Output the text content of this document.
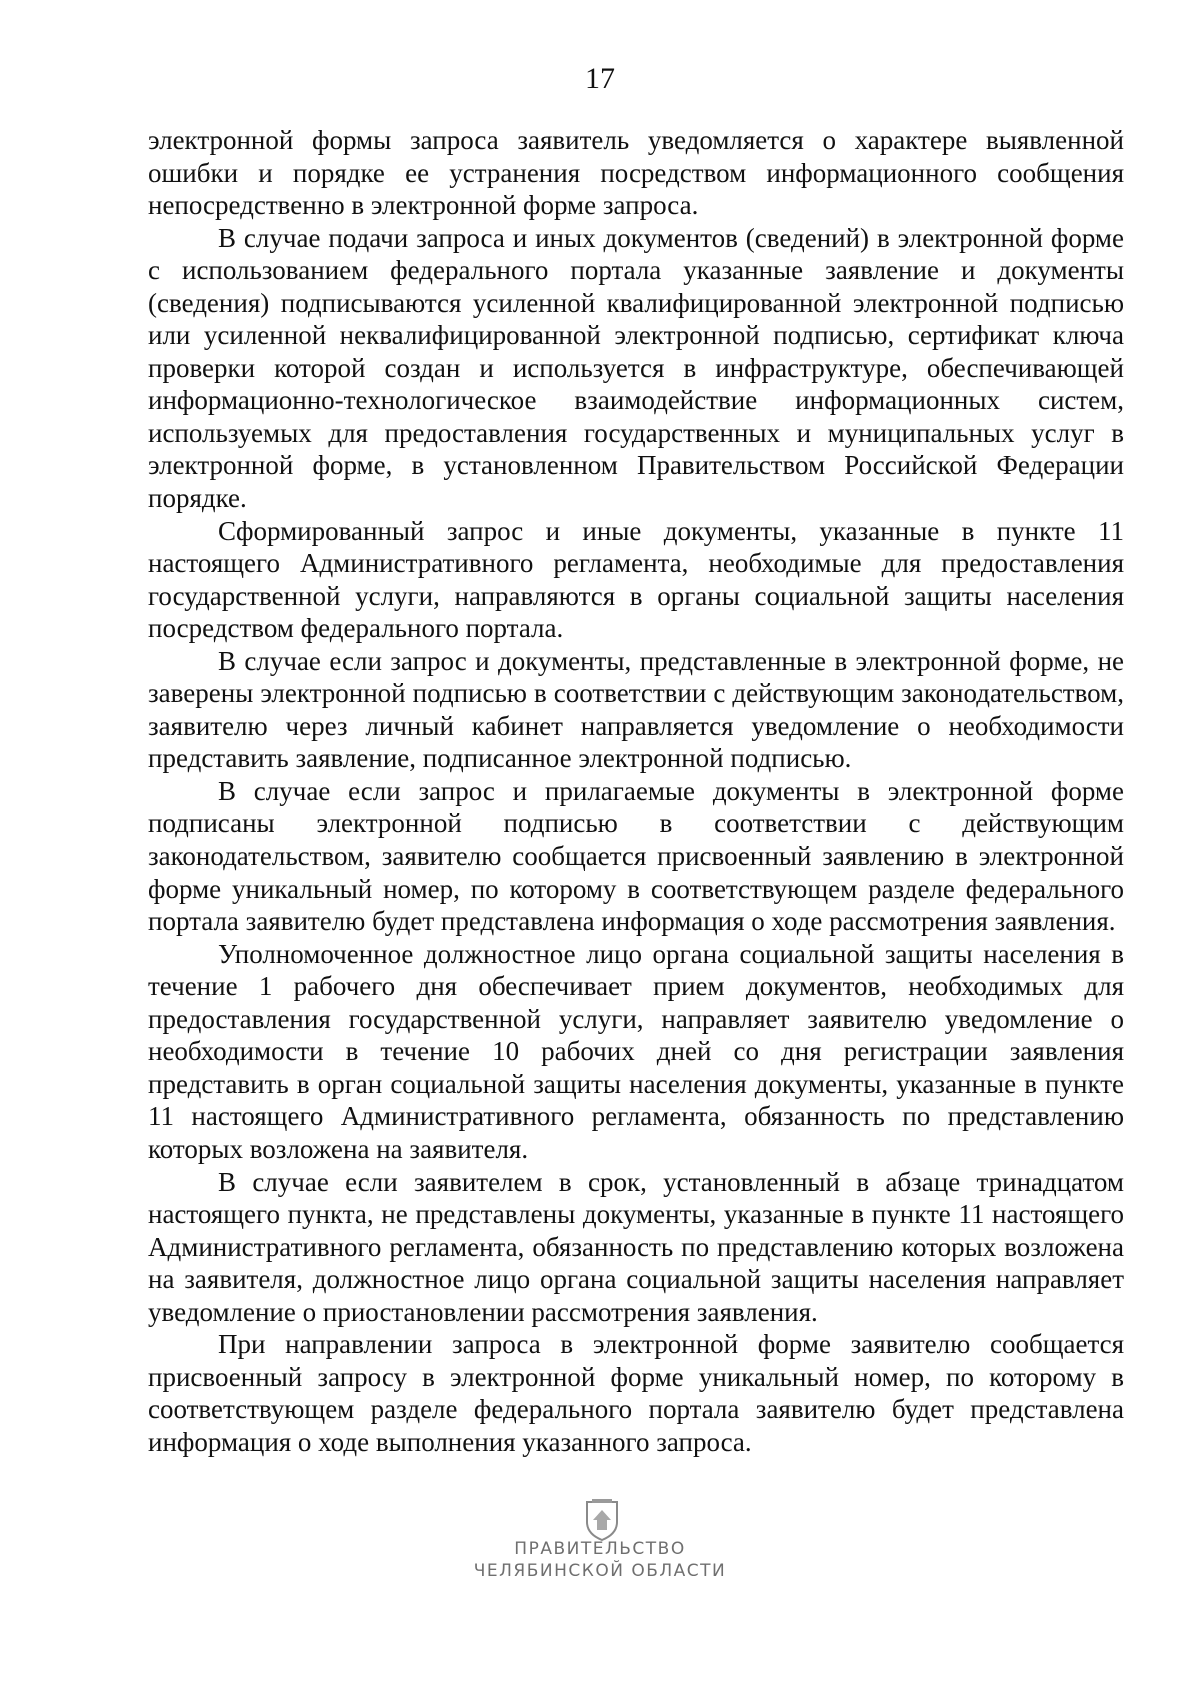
17

электронной формы запроса заявитель уведомляется о характере выявленной ошибки и порядке ее устранения посредством информационного сообщения непосредственно в электронной форме запроса.

В случае подачи запроса и иных документов (сведений) в электронной форме с использованием федерального портала указанные заявление и документы (сведения) подписываются усиленной квалифицированной электронной подписью или усиленной неквалифицированной электронной подписью, сертификат ключа проверки которой создан и используется в инфраструктуре, обеспечивающей информационно-технологическое взаимодействие информационных систем, используемых для предоставления государственных и муниципальных услуг в электронной форме, в установленном Правительством Российской Федерации порядке.

Сформированный запрос и иные документы, указанные в пункте 11 настоящего Административного регламента, необходимые для предоставления государственной услуги, направляются в органы социальной защиты населения посредством федерального портала.

В случае если запрос и документы, представленные в электронной форме, не заверены электронной подписью в соответствии с действующим законодательством, заявителю через личный кабинет направляется уведомление о необходимости представить заявление, подписанное электронной подписью.

В случае если запрос и прилагаемые документы в электронной форме подписаны электронной подписью в соответствии с действующим законодательством, заявителю сообщается присвоенный заявлению в электронной форме уникальный номер, по которому в соответствующем разделе федерального портала заявителю будет представлена информация о ходе рассмотрения заявления.

Уполномоченное должностное лицо органа социальной защиты населения в течение 1 рабочего дня обеспечивает прием документов, необходимых для предоставления государственной услуги, направляет заявителю уведомление о необходимости в течение 10 рабочих дней со дня регистрации заявления представить в орган социальной защиты населения документы, указанные в пункте 11 настоящего Административного регламента, обязанность по представлению которых возложена на заявителя.

В случае если заявителем в срок, установленный в абзаце тринадцатом настоящего пункта, не представлены документы, указанные в пункте 11 настоящего Административного регламента, обязанность по представлению которых возложена на заявителя, должностное лицо органа социальной защиты населения направляет уведомление о приостановлении рассмотрения заявления.

При направлении запроса в электронной форме заявителю сообщается присвоенный запросу в электронной форме уникальный номер, по которому в соответствующем разделе федерального портала заявителю будет представлена информация о ходе выполнения указанного запроса.

ПРАВИТЕЛЬСТВО
ЧЕЛЯБИНСКОЙ ОБЛАСТИ
